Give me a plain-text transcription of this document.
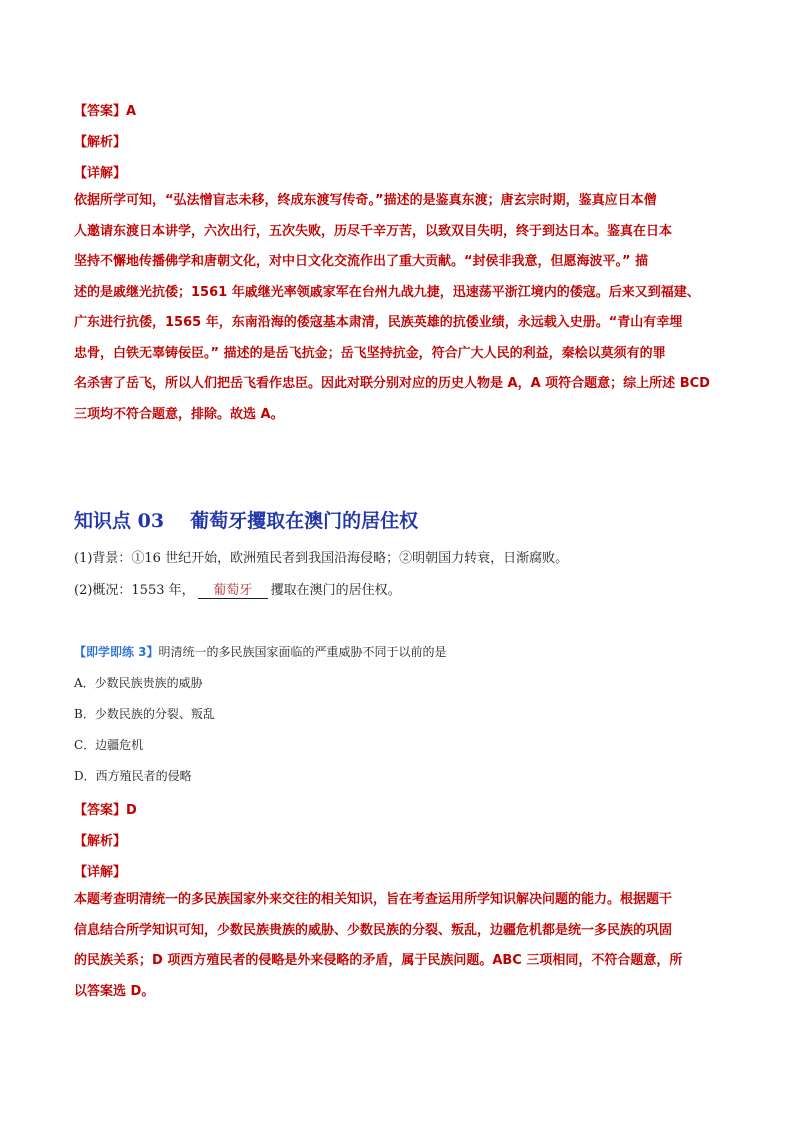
【答案】A
【解析】
【详解】

依据所学可知，“弘法憎盲志未移，终成东渡写传奇。”描述的是鉴真东渡；唐玄宗时期，鉴真应日本僧

人邀请东渡日本讲学，六次出行，五次失败，历尽千辛万苦，以致双目失明，终于到达日本。鉴真在日本

坚持不懈地传播佛学和唐朝文化，对中日文化交流作出了重大贡献。“封侯非我意，但愿海波平。” 描

述的是戚继光抗倭；1561 年戚继光率领戚家军在台州九战九捷，迅速荡平浙江境内的倭寇。后来又到福建、

广东进行抗倭，1565 年，东南沿海的倭寇基本肃清，民族英雄的抗倭业绩，永远载入史册。“青山有幸埋

忠骨，白铁无辜铸佞臣。” 描述的是岳飞抗金；岳飞坚持抗金，符合广大人民的利益，秦桧以莫须有的罪

名杀害了岳飞，所以人们把岳飞看作忠臣。因此对联分别对应的历史人物是 A，A 项符合题意；综上所述 BCD

三项均不符合题意，排除。故选 A。

知识点 03 葡萄牙攫取在澳门的居住权
(1)背景：①16 世纪开始，欧洲殖民者到我国沿海侵略；②明朝国力转衰，日渐腐败。
(2)概况：1553 年， 葡萄牙 攫取在澳门的居住权。
【即学即练 3】明清统一的多民族国家面临的严重威胁不同于以前的是
A．少数民族贵族的威胁
B．少数民族的分裂、叛乱
C．边疆危机
D．西方殖民者的侵略
【答案】D
【解析】
【详解】

本题考查明清统一的多民族国家外来交往的相关知识，旨在考查运用所学知识解决问题的能力。根据题干

信息结合所学知识可知，少数民族贵族的威胁、少数民族的分裂、叛乱，边疆危机都是统一多民族的巩固

的民族关系；D 项西方殖民者的侵略是外来侵略的矛盾，属于民族问题。ABC 三项相同，不符合题意，所

以答案选 D。
